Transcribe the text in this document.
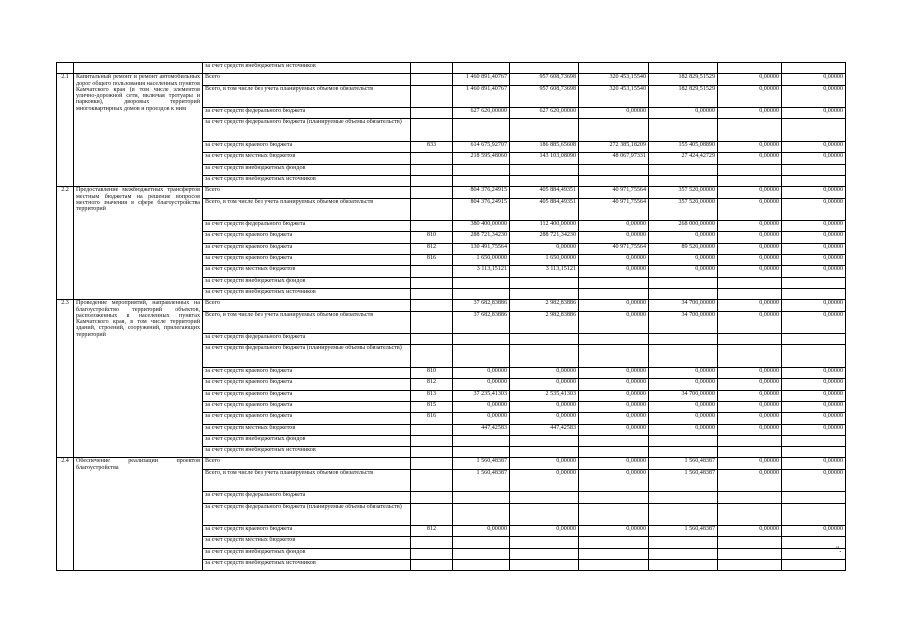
		за счет средств внебюджетных источников							
2.1	Капитальный ремонт и ремонт автомобильных дорог общего пользования населенных пунктов Камчатского края (в том числе элементов улично-дорожной сети, включая тротуары и парковки), дворовых территорий многоквартирных домов и проездов к ним	Всего		1 460 891,40767	957 608,73698	320 453,15540	182 829,51529	0,00000	0,00000
		Всего, в том числе без учета планируемых объемов обязательств		1 460 891,40767	957 608,73698	320 453,15540	182 829,51529	0,00000	0,00000
		за счет средств федерального бюджета		627 620,00000	627 620,00000	0,00000	0,00000	0,00000	0,00000
		за счет средств федерального бюджета (планируемые объемы обязательств)							
		за счет средств краевого бюджета	833	614 675,92707	186 885,65608	272 385,18209	155 405,08890	0,00000	0,00000
		за счет средств местных бюджетов		218 595,48060	143 103,08090	48 067,97331	27 424,42729	0,00000	0,00000
		за счет средств внебюджетных фондов							
		за счет средств внебюджетных источников							
2.2	Предоставление межбюджетных трансфертов местным бюджетам на решение вопросов местного значения в сфере благоустройства территорий	Всего		804 376,24915	405 884,49351	40 971,75564	357 520,00000	0,00000	0,00000
		Всего, в том числе без учета планируемых объемов обязательств		804 376,24915	405 884,49351	40 971,75564	357 520,00000	0,00000	0,00000
		за счет средств федерального бюджета		380 400,00000	112 400,00000	0,00000	268 000,00000	0,00000	0,00000
		за счет средств краевого бюджета	810	288 721,34230	288 721,34230	0,00000	0,00000	0,00000	0,00000
		за счет средств краевого бюджета	812	130 491,75564	0,00000	40 971,75564	89 520,00000	0,00000	0,00000
		за счет средств краевого бюджета	816	1 650,00000	1 650,00000	0,00000	0,00000	0,00000	0,00000
		за счет средств местных бюджетов		3 113,15121	3 113,15121	0,00000	0,00000	0,00000	0,00000
		за счет средств внебюджетных фондов							
		за счет средств внебюджетных источников							
2.3	Проведение мероприятий, направленных на благоустройство территорий объектов, расположенных в населенных пунктах Камчатского края, в том числе территорий зданий, строений, сооружений, прилегающих территорий	Всего		37 682,83886	2 982,83886	0,00000	34 700,00000	0,00000	0,00000
		Всего, в том числе без учета планируемых объемов обязательств		37 682,83886	2 982,83886	0,00000	34 700,00000	0,00000	0,00000
		за счет средств федерального бюджета							
		за счет средств федерального бюджета (планируемые объемы обязательств)							
		за счет средств краевого бюджета	810	0,00000	0,00000	0,00000	0,00000	0,00000	0,00000
		за счет средств краевого бюджета	812	0,00000	0,00000	0,00000	0,00000	0,00000	0,00000
		за счет средств краевого бюджета	813	37 235,41303	2 535,41303	0,00000	34 700,00000	0,00000	0,00000
		за счет средств краевого бюджета	815	0,00000	0,00000	0,00000	0,00000	0,00000	0,00000
		за счет средств краевого бюджета	816	0,00000	0,00000	0,00000	0,00000	0,00000	0,00000
		за счет средств местных бюджетов		447,42583	447,42583	0,00000	0,00000	0,00000	0,00000
		за счет средств внебюджетных фондов							
		за счет средств внебюджетных источников							
2.4	Обеспечение реализации проектов благоустройства	Всего		1 560,48387	0,00000	0,00000	1 560,48387	0,00000	0,00000
		Всего, в том числе без учета планируемых объемов обязательств		1 560,48387	0,00000	0,00000	1 560,48387	0,00000	0,00000
		за счет средств федерального бюджета							
		за счет средств федерального бюджета (планируемые объемы обязательств)							
		за счет средств краевого бюджета	812	0,00000	0,00000	0,00000	1 560,48387	0,00000	0,00000
		за счет средств местных бюджетов							
		за счет средств внебюджетных фондов							
		за счет средств внебюджетных источников							
".
